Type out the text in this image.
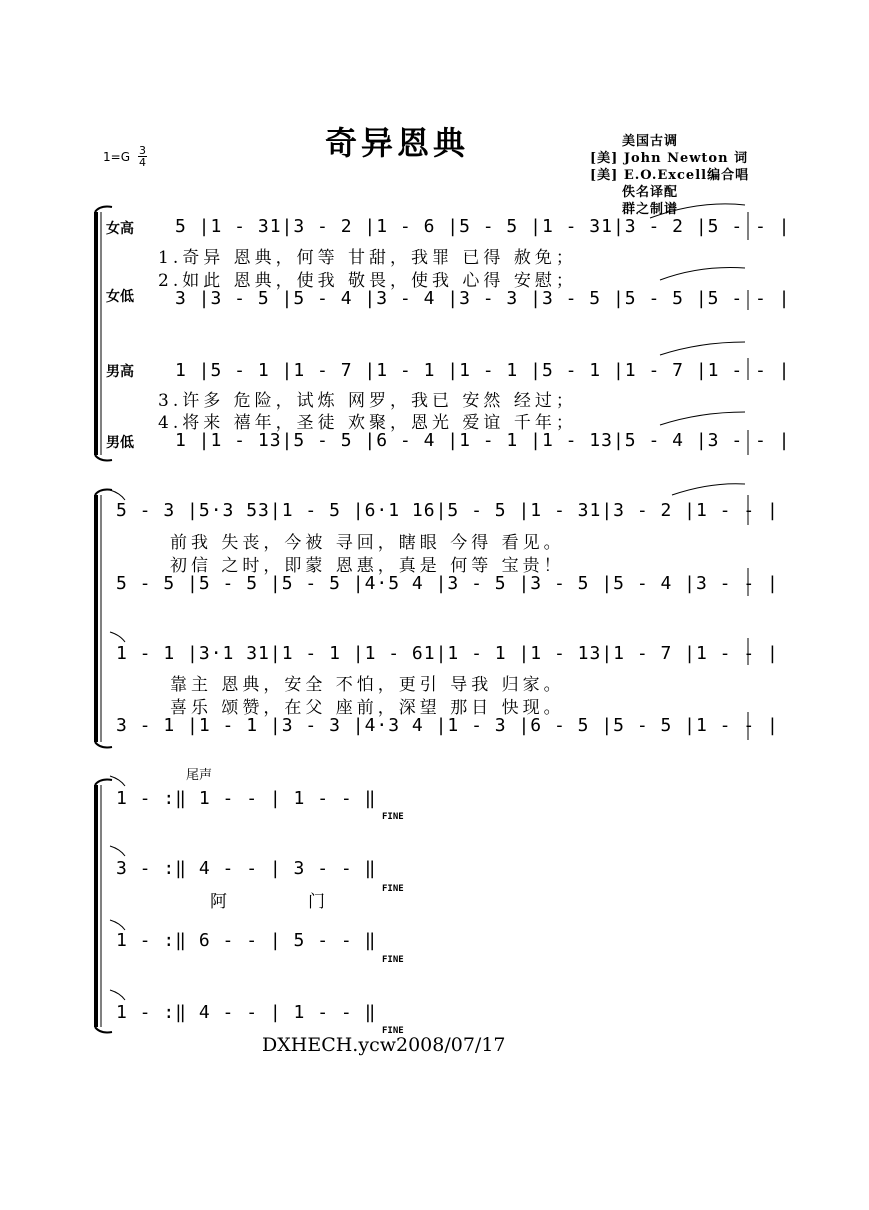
奇异恩典
1=G 3
4
美国古调
[美] John Newton 词
[美] E.O.Excell编合唱
佚名译配
群之制谱
女高
女低
男高
男低
5 |1 - 31|3 - 2 |1 - 6 |5 - 5 |1 - 31|3 - 2 |5 - - |
1.奇异 恩典，何等 甘甜，我罪 已得 赦免；
2.如此 恩典，使我 敬畏，使我 心得 安慰；
3 |3 - 5 |5 - 4 |3 - 4 |3 - 3 |3 - 5 |5 - 5 |5 - - |
1 |5 - 1 |1 - 7 |1 - 1 |1 - 1 |5 - 1 |1 - 7 |1 - - |
3.许多 危险，试炼 网罗，我已 安然 经过；
4.将来 禧年，圣徒 欢聚，恩光 爱谊 千年；
1 |1 - 13|5 - 5 |6 - 4 |1 - 1 |1 - 13|5 - 4 |3 - - |
5 - 3 |5·3 53|1 - 5 |6·1 16|5 - 5 |1 - 31|3 - 2 |1 - - |
前我 失丧，今被 寻回，瞎眼 今得 看见。
初信 之时，即蒙 恩惠，真是 何等 宝贵！
5 - 5 |5 - 5 |5 - 5 |4·5 4 |3 - 5 |3 - 5 |5 - 4 |3 - - |
1 - 1 |3·1 31|1 - 1 |1 - 61|1 - 1 |1 - 13|1 - 7 |1 - - |
靠主 恩典，安全 不怕，更引 导我 归家。
喜乐 颂赞，在父 座前，深望 那日 快现。
3 - 1 |1 - 1 |3 - 3 |4·3 4 |1 - 3 |6 - 5 |5 - 5 |1 - - |
尾声
1 - :‖ 1 - - | 1 - - ‖
FINE
3 - :‖ 4 - - | 3 - - ‖
FINE
阿	门
1 - :‖ 6 - - | 5 - - ‖
FINE
1 - :‖ 4 - - | 1 - - ‖
FINE
DXHECH.ycw2008/07/17
